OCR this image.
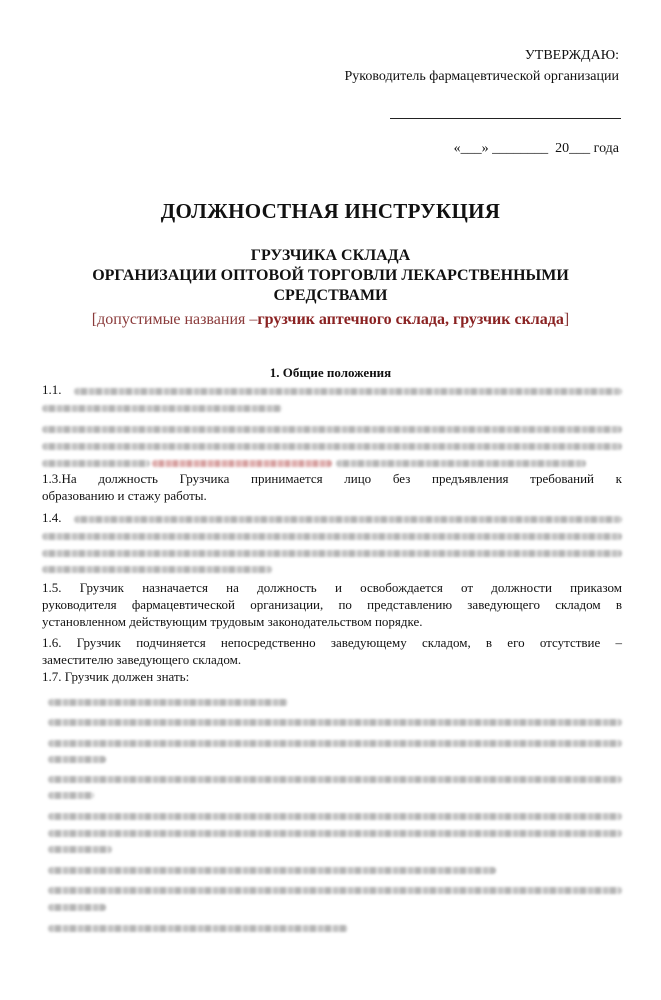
УТВЕРЖДАЮ:
Руководитель фармацевтической организации
«___» ________  20___ года
ДОЛЖНОСТНАЯ ИНСТРУКЦИЯ
ГРУЗЧИКА СКЛАДА
ОРГАНИЗАЦИИ ОПТОВОЙ ТОРГОВЛИ ЛЕКАРСТВЕННЫМИ
СРЕДСТВАМИ
[допустимые названия –грузчик аптечного склада, грузчик склада]
1. Общие положения
1.1.
1.3.На должность Грузчика принимается лицо без предъявления требований к
образованию и стажу работы.
1.4.
1.5. Грузчик назначается на должность и освобождается от должности приказом
руководителя фармацевтической организации, по представлению заведующего складом в
установленном действующим трудовым законодательством порядке.
1.6. Грузчик подчиняется непосредственно заведующему складом, в его отсутствие –
заместителю заведующего складом.
1.7. Грузчик должен знать:
